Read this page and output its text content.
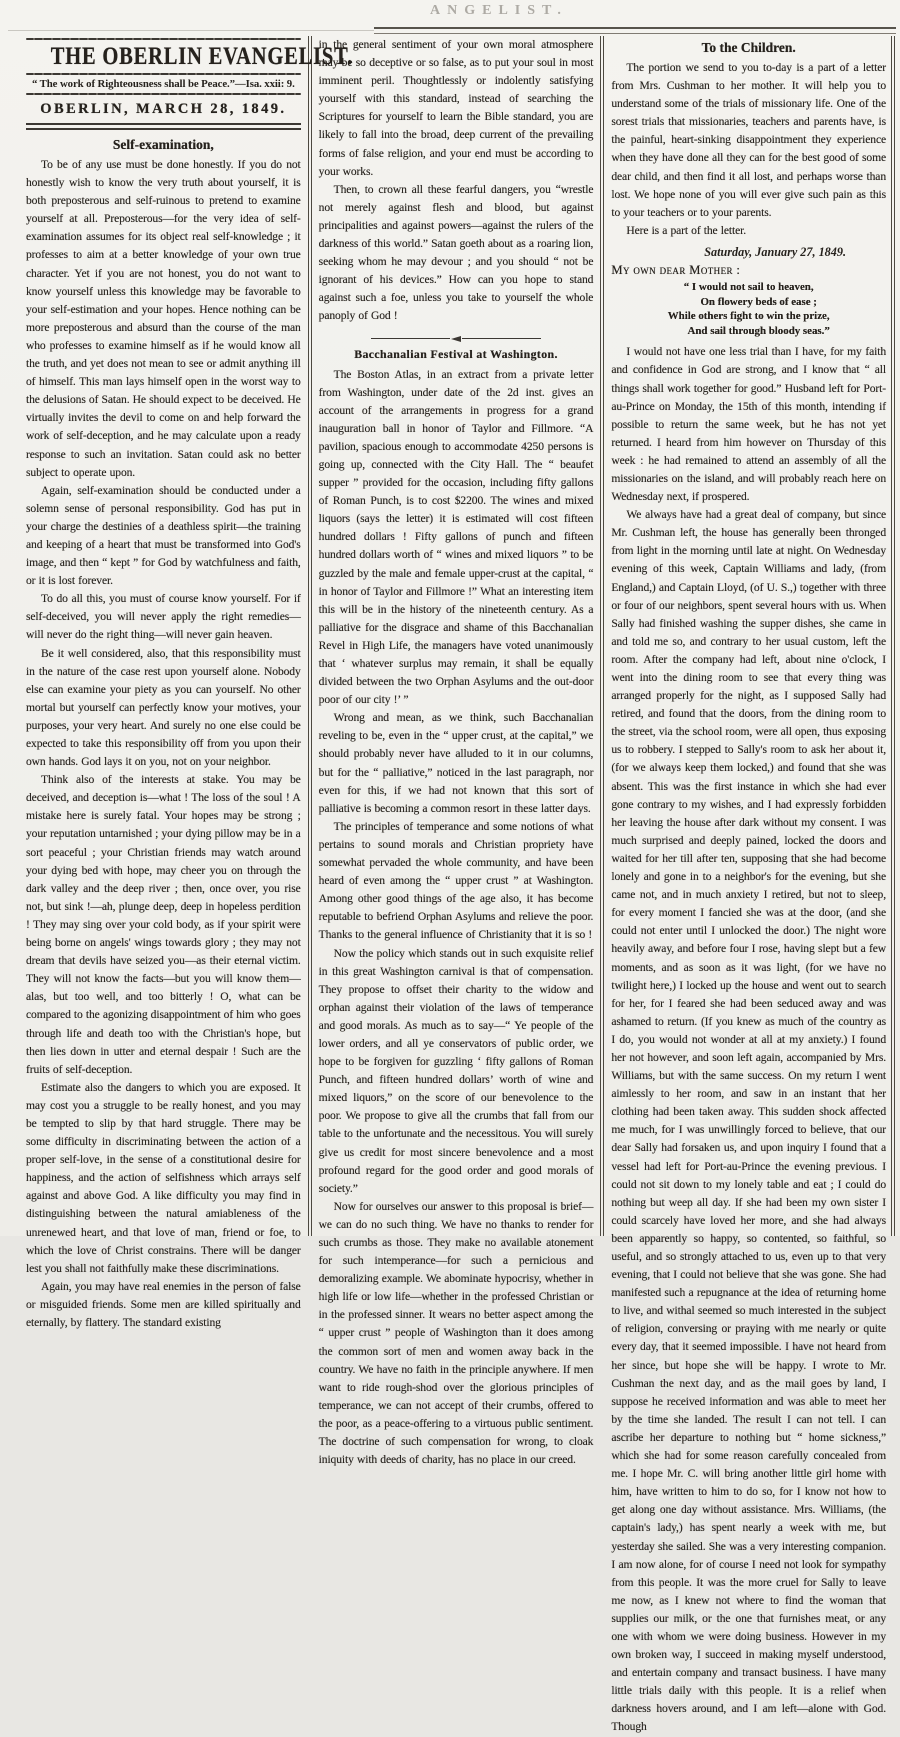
ANGELIST.
THE OBERLIN EVANGELIST.
“ The work of Righteousness shall be Peace.”—Isa. xxii: 9.
OBERLIN, MARCH 28, 1849.
Self-examination,

To be of any use must be done honestly. If you do not honestly wish to know the very truth about yourself, it is both preposterous and self-ruinous to pretend to examine yourself at all. Preposterous—for the very idea of self-examination assumes for its object real self-knowledge ; it professes to aim at a better knowledge of your own true character. Yet if you are not honest, you do not want to know yourself unless this knowledge may be favorable to your self-estimation and your hopes. Hence nothing can be more preposterous and absurd than the course of the man who professes to examine himself as if he would know all the truth, and yet does not mean to see or admit anything ill of himself. This man lays himself open in the worst way to the delusions of Satan. He should expect to be deceived. He virtually invites the devil to come on and help forward the work of self-deception, and he may calculate upon a ready response to such an invitation. Satan could ask no better subject to operate upon.

Again, self-examination should be conducted under a solemn sense of personal responsibility. God has put in your charge the destinies of a deathless spirit—the training and keeping of a heart that must be transformed into God's image, and then “ kept ” for God by watchfulness and faith, or it is lost forever.

To do all this, you must of course know yourself. For if self-deceived, you will never apply the right remedies—will never do the right thing—will never gain heaven.

Be it well considered, also, that this responsibility must in the nature of the case rest upon yourself alone. Nobody else can examine your piety as you can yourself. No other mortal but yourself can perfectly know your motives, your purposes, your very heart. And surely no one else could be expected to take this responsibility off from you upon their own hands. God lays it on you, not on your neighbor.

Think also of the interests at stake. You may be deceived, and deception is—what ! The loss of the soul ! A mistake here is surely fatal. Your hopes may be strong ; your reputation untarnished ; your dying pillow may be in a sort peaceful ; your Christian friends may watch around your dying bed with hope, may cheer you on through the dark valley and the deep river ; then, once over, you rise not, but sink !—ah, plunge deep, deep in hopeless perdition ! They may sing over your cold body, as if your spirit were being borne on angels' wings towards glory ; they may not dream that devils have seized you—as their eternal victim. They will not know the facts—but you will know them—alas, but too well, and too bitterly ! O, what can be compared to the agonizing disappointment of him who goes through life and death too with the Christian's hope, but then lies down in utter and eternal despair ! Such are the fruits of self-deception.

Estimate also the dangers to which you are exposed. It may cost you a struggle to be really honest, and you may be tempted to slip by that hard struggle. There may be some difficulty in discriminating between the action of a proper self-love, in the sense of a constitutional desire for happiness, and the action of selfishness which arrays self against and above God. A like difficulty you may find in distinguishing between the natural amiableness of the unrenewed heart, and that love of man, friend or foe, to which the love of Christ constrains. There will be danger lest you shall not faithfully make these discriminations.

Again, you may have real enemies in the person of false or misguided friends. Some men are killed spiritually and eternally, by flattery. The standard existing

in the general sentiment of your own moral atmosphere may be so deceptive or so false, as to put your soul in most imminent peril. Thoughtlessly or indolently satisfying yourself with this standard, instead of searching the Scriptures for yourself to learn the Bible standard, you are likely to fall into the broad, deep current of the prevailing forms of false religion, and your end must be according to your works.

Then, to crown all these fearful dangers, you “wrestle not merely against flesh and blood, but against principalities and against powers—against the rulers of the darkness of this world.” Satan goeth about as a roaring lion, seeking whom he may devour ; and you should “ not be ignorant of his devices.” How can you hope to stand against such a foe, unless you take to yourself the whole panoply of God !

Bacchanalian Festival at Washington.

The Boston Atlas, in an extract from a private letter from Washington, under date of the 2d inst. gives an account of the arrangements in progress for a grand inauguration ball in honor of Taylor and Fillmore. “A pavilion, spacious enough to accommodate 4250 persons is going up, connected with the City Hall. The “ beaufet supper ” provided for the occasion, including fifty gallons of Roman Punch, is to cost $2200. The wines and mixed liquors (says the letter) it is estimated will cost fifteen hundred dollars ! Fifty gallons of punch and fifteen hundred dollars worth of “ wines and mixed liquors ” to be guzzled by the male and female upper-crust at the capital, “ in honor of Taylor and Fillmore !” What an interesting item this will be in the history of the nineteenth century. As a palliative for the disgrace and shame of this Bacchanalian Revel in High Life, the managers have voted unanimously that ‘ whatever surplus may remain, it shall be equally divided between the two Orphan Asylums and the out-door poor of our city !’ ”

Wrong and mean, as we think, such Bacchanalian reveling to be, even in the “ upper crust, at the capital,” we should probably never have alluded to it in our columns, but for the “ palliative,” noticed in the last paragraph, nor even for this, if we had not known that this sort of palliative is becoming a common resort in these latter days.

The principles of temperance and some notions of what pertains to sound morals and Christian propriety have somewhat pervaded the whole community, and have been heard of even among the “ upper crust ” at Washington. Among other good things of the age also, it has become reputable to befriend Orphan Asylums and relieve the poor. Thanks to the general influence of Christianity that it is so !

Now the policy which stands out in such exquisite relief in this great Washington carnival is that of compensation. They propose to offset their charity to the widow and orphan against their violation of the laws of temperance and good morals. As much as to say—“ Ye people of the lower orders, and all ye conservators of public order, we hope to be forgiven for guzzling ‘ fifty gallons of Roman Punch, and fifteen hundred dollars’ worth of wine and mixed liquors,” on the score of our benevolence to the poor. We propose to give all the crumbs that fall from our table to the unfortunate and the necessitous. You will surely give us credit for most sincere benevolence and a most profound regard for the good order and good morals of society.”

Now for ourselves our answer to this proposal is brief—we can do no such thing. We have no thanks to render for such crumbs as those. They make no available atonement for such intemperance—for such a pernicious and demoralizing example. We abominate hypocrisy, whether in high life or low life—whether in the professed Christian or in the professed sinner. It wears no better aspect among the “ upper crust ” people of Washington than it does among the common sort of men and women away back in the country. We have no faith in the principle anywhere. If men want to ride rough-shod over the glorious principles of temperance, we can not accept of their crumbs, offered to the poor, as a peace-offering to a virtuous public sentiment. The doctrine of such compensation for wrong, to cloak iniquity with deeds of charity, has no place in our creed.

To the Children.

The portion we send to you to-day is a part of a letter from Mrs. Cushman to her mother. It will help you to understand some of the trials of missionary life. One of the sorest trials that missionaries, teachers and parents have, is the painful, heart-sinking disappointment they experience when they have done all they can for the best good of some dear child, and then find it all lost, and perhaps worse than lost. We hope none of you will ever give such pain as this to your teachers or to your parents.

Here is a part of the letter.

Saturday, January 27, 1849.
My own dear Mother :
“ I would not sail to heaven,
On flowery beds of ease ;
While others fight to win the prize,
And sail through bloody seas.”

I would not have one less trial than I have, for my faith and confidence in God are strong, and I know that “ all things shall work together for good.” Husband left for Port-au-Prince on Monday, the 15th of this month, intending if possible to return the same week, but he has not yet returned. I heard from him however on Thursday of this week : he had remained to attend an assembly of all the missionaries on the island, and will probably reach here on Wednesday next, if prospered.

We always have had a great deal of company, but since Mr. Cushman left, the house has generally been thronged from light in the morning until late at night. On Wednesday evening of this week, Captain Williams and lady, (from England,) and Captain Lloyd, (of U. S.,) together with three or four of our neighbors, spent several hours with us. When Sally had finished washing the supper dishes, she came in and told me so, and contrary to her usual custom, left the room. After the company had left, about nine o'clock, I went into the dining room to see that every thing was arranged properly for the night, as I supposed Sally had retired, and found that the doors, from the dining room to the street, via the school room, were all open, thus exposing us to robbery. I stepped to Sally's room to ask her about it, (for we always keep them locked,) and found that she was absent. This was the first instance in which she had ever gone contrary to my wishes, and I had expressly forbidden her leaving the house after dark without my consent. I was much surprised and deeply pained, locked the doors and waited for her till after ten, supposing that she had become lonely and gone in to a neighbor's for the evening, but she came not, and in much anxiety I retired, but not to sleep, for every moment I fancied she was at the door, (and she could not enter until I unlocked the door.) The night wore heavily away, and before four I rose, having slept but a few moments, and as soon as it was light, (for we have no twilight here,) I locked up the house and went out to search for her, for I feared she had been seduced away and was ashamed to return. (If you knew as much of the country as I do, you would not wonder at all at my anxiety.) I found her not however, and soon left again, accompanied by Mrs. Williams, but with the same success. On my return I went aimlessly to her room, and saw in an instant that her clothing had been taken away. This sudden shock affected me much, for I was unwillingly forced to believe, that our dear Sally had forsaken us, and upon inquiry I found that a vessel had left for Port-au-Prince the evening previous. I could not sit down to my lonely table and eat ; I could do nothing but weep all day. If she had been my own sister I could scarcely have loved her more, and she had always been apparently so happy, so contented, so faithful, so useful, and so strongly attached to us, even up to that very evening, that I could not believe that she was gone. She had manifested such a repugnance at the idea of returning home to live, and withal seemed so much interested in the subject of religion, conversing or praying with me nearly or quite every day, that it seemed impossible. I have not heard from her since, but hope she will be happy. I wrote to Mr. Cushman the next day, and as the mail goes by land, I suppose he received information and was able to meet her by the time she landed. The result I can not tell. I can ascribe her departure to nothing but “ home sickness,” which she had for some reason carefully concealed from me. I hope Mr. C. will bring another little girl home with him, have written to him to do so, for I know not how to get along one day without assistance. Mrs. Williams, (the captain's lady,) has spent nearly a week with me, but yesterday she sailed. She was a very interesting companion. I am now alone, for of course I need not look for sympathy from this people. It was the more cruel for Sally to leave me now, as I knew not where to find the woman that supplies our milk, or the one that furnishes meat, or any one with whom we were doing business. However in my own broken way, I succeed in making myself understood, and entertain company and transact business. I have many little trials daily with this people. It is a relief when darkness hovers around, and I am left—alone with God. Though
